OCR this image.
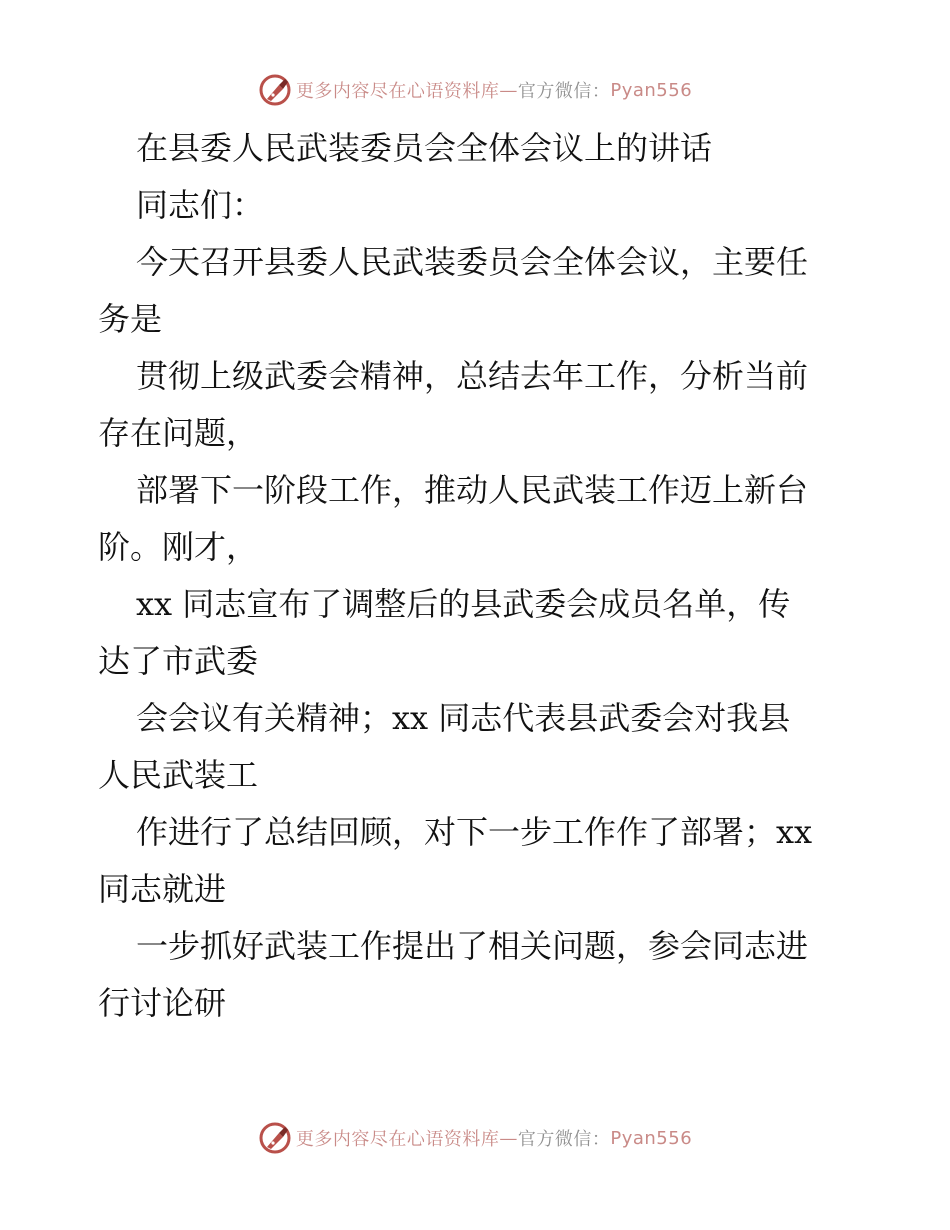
更多内容尽在心语资料库 — 官方微信： Pyan556
在县委人民武装委员会全体会议上的讲话
同志们：
今天召开县委人民武装委员会全体会议，主要任
务是
贯彻上级武委会精神，总结去年工作，分析当前
存在问题，
部署下一阶段工作，推动人民武装工作迈上新台
阶。刚才，
xx 同志宣布了调整后的县武委会成员名单，传
达了市武委
会会议有关精神；xx 同志代表县武委会对我县
人民武装工
作进行了总结回顾，对下一步工作作了部署；xx
同志就进
一步抓好武装工作提出了相关问题，参会同志进
行讨论研
更多内容尽在心语资料库 — 官方微信： Pyan556
